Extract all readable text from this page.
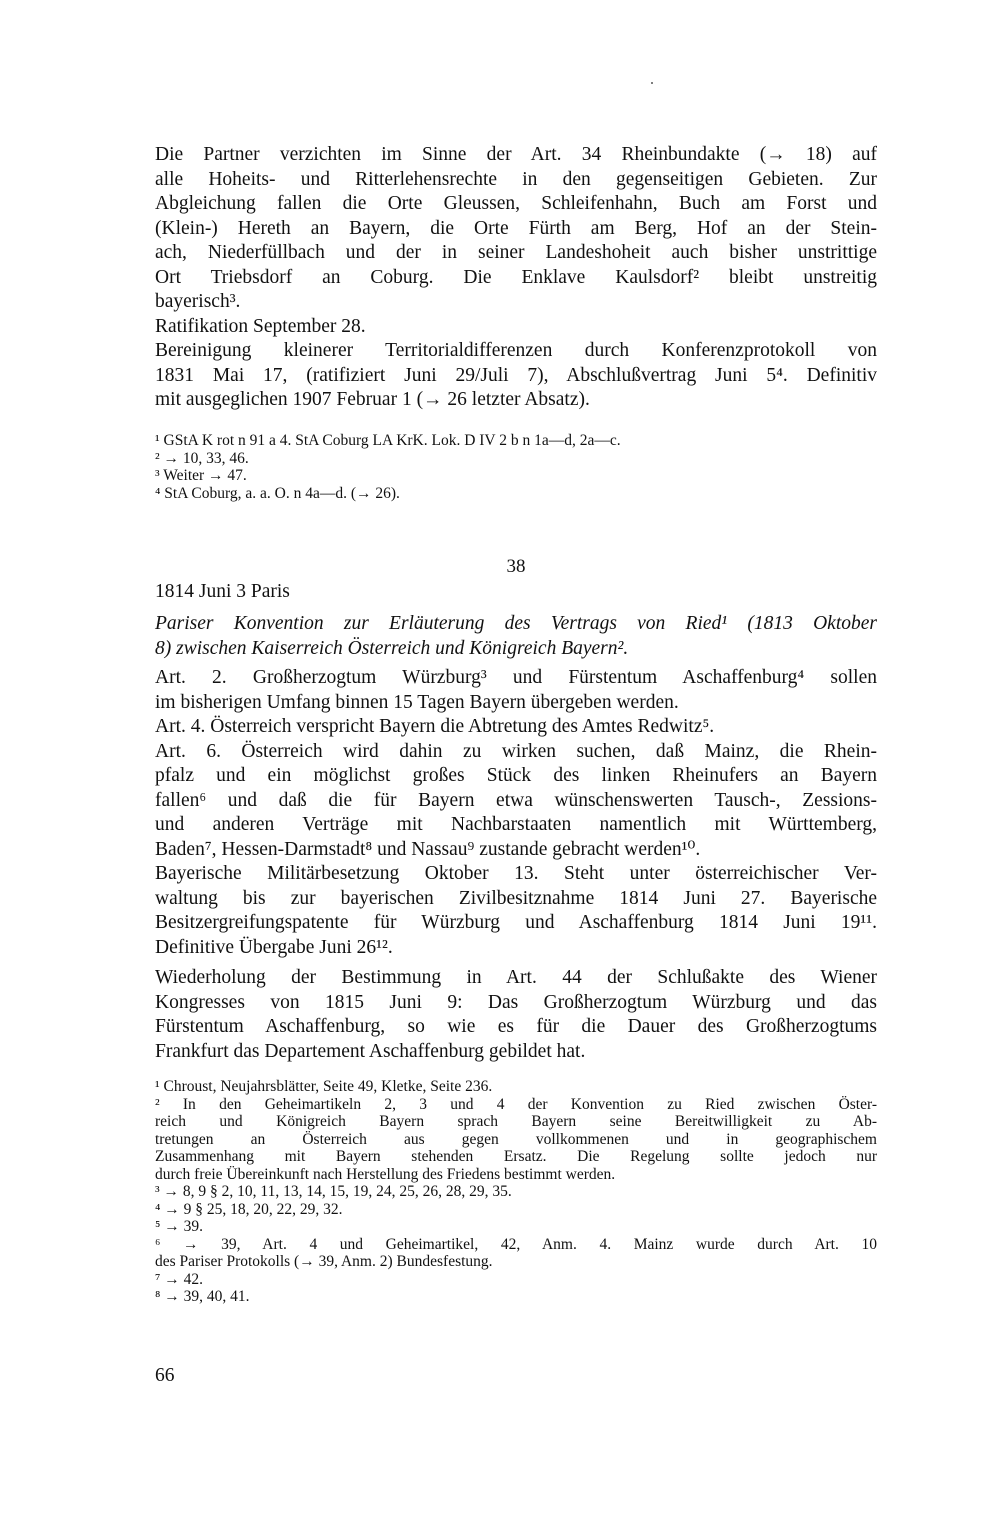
Die Partner verzichten im Sinne der Art. 34 Rheinbundakte (→ 18) auf
alle Hoheits- und Ritterlehensrechte in den gegenseitigen Gebieten. Zur
Abgleichung fallen die Orte Gleussen, Schleifenhahn, Buch am Forst und
(Klein-) Hereth an Bayern, die Orte Fürth am Berg, Hof an der Stein-
ach, Niederfüllbach und der in seiner Landeshoheit auch bisher unstrittige
Ort Triebsdorf an Coburg. Die Enklave Kaulsdorf² bleibt unstreitig
bayerisch³.
Ratifikation September 28.
Bereinigung kleinerer Territorialdifferenzen durch Konferenzprotokoll von
1831 Mai 17, (ratifiziert Juni 29/Juli 7), Abschlußvertrag Juni 5⁴. Definitiv
mit ausgeglichen 1907 Februar 1 (→ 26 letzter Absatz).
¹ GStA K rot n 91 a 4. StA Coburg LA KrK. Lok. D IV 2 b n 1a—d, 2a—c.
² → 10, 33, 46.
³ Weiter → 47.
⁴ StA Coburg, a. a. O. n 4a—d. (→ 26).
38
1814 Juni 3 Paris
Pariser Konvention zur Erläuterung des Vertrags von Ried¹ (1813 Oktober
8) zwischen Kaiserreich Österreich und Königreich Bayern².
Art. 2. Großherzogtum Würzburg³ und Fürstentum Aschaffenburg⁴ sollen
im bisherigen Umfang binnen 15 Tagen Bayern übergeben werden.
Art. 4. Österreich verspricht Bayern die Abtretung des Amtes Redwitz⁵.
Art. 6. Österreich wird dahin zu wirken suchen, daß Mainz, die Rhein-
pfalz und ein möglichst großes Stück des linken Rheinufers an Bayern
fallen⁶ und daß die für Bayern etwa wünschenswerten Tausch-, Zessions-
und anderen Verträge mit Nachbarstaaten namentlich mit Württemberg,
Baden⁷, Hessen-Darmstadt⁸ und Nassau⁹ zustande gebracht werden¹⁰.
Bayerische Militärbesetzung Oktober 13. Steht unter österreichischer Ver-
waltung bis zur bayerischen Zivilbesitznahme 1814 Juni 27. Bayerische
Besitzergreifungspatente für Würzburg und Aschaffenburg 1814 Juni 19¹¹.
Definitive Übergabe Juni 26¹².
Wiederholung der Bestimmung in Art. 44 der Schlußakte des Wiener
Kongresses von 1815 Juni 9: Das Großherzogtum Würzburg und das
Fürstentum Aschaffenburg, so wie es für die Dauer des Großherzogtums
Frankfurt das Departement Aschaffenburg gebildet hat.
¹ Chroust, Neujahrsblätter, Seite 49, Kletke, Seite 236.
² In den Geheimartikeln 2, 3 und 4 der Konvention zu Ried zwischen Öster-
reich und Königreich Bayern sprach Bayern seine Bereitwilligkeit zu Ab-
tretungen an Österreich aus gegen vollkommenen und in geographischem
Zusammenhang mit Bayern stehenden Ersatz. Die Regelung sollte jedoch nur
durch freie Übereinkunft nach Herstellung des Friedens bestimmt werden.
³ → 8, 9 § 2, 10, 11, 13, 14, 15, 19, 24, 25, 26, 28, 29, 35.
⁴ → 9 § 25, 18, 20, 22, 29, 32.
⁵ → 39.
⁶ → 39, Art. 4 und Geheimartikel, 42, Anm. 4. Mainz wurde durch Art. 10
des Pariser Protokolls (→ 39, Anm. 2) Bundesfestung.
⁷ → 42.
⁸ → 39, 40, 41.
66
